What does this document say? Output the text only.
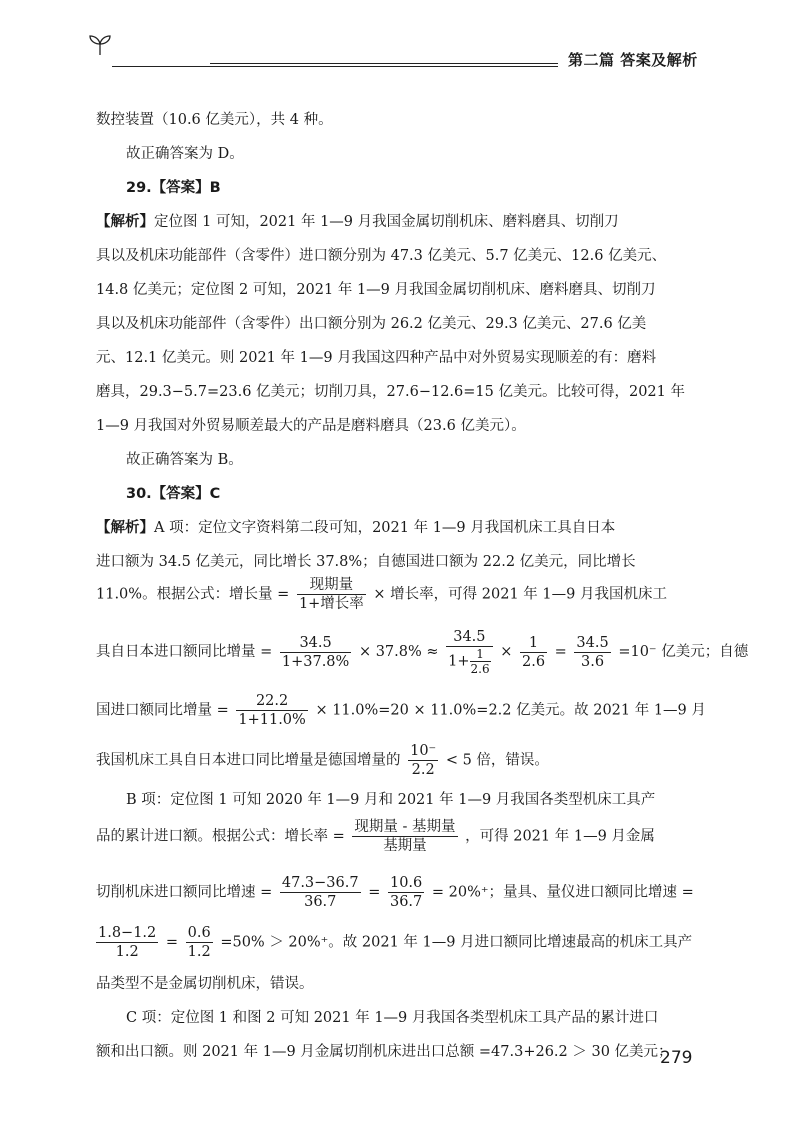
第二篇 答案及解析
数控装置（10.6 亿美元），共 4 种。
故正确答案为 D。
29.【答案】B
【解析】定位图 1 可知，2021 年 1—9 月我国金属切削机床、磨料磨具、切削刀
具以及机床功能部件（含零件）进口额分别为 47.3 亿美元、5.7 亿美元、12.6 亿美元、
14.8 亿美元；定位图 2 可知，2021 年 1—9 月我国金属切削机床、磨料磨具、切削刀
具以及机床功能部件（含零件）出口额分别为 26.2 亿美元、29.3 亿美元、27.6 亿美
元、12.1 亿美元。则 2021 年 1—9 月我国这四种产品中对外贸易实现顺差的有：磨料
磨具，29.3−5.7=23.6 亿美元；切削刀具，27.6−12.6=15 亿美元。比较可得，2021 年
1—9 月我国对外贸易顺差最大的产品是磨料磨具（23.6 亿美元）。
故正确答案为 B。
30.【答案】C
【解析】A 项：定位文字资料第二段可知，2021 年 1—9 月我国机床工具自日本
进口额为 34.5 亿美元，同比增长 37.8%；自德国进口额为 22.2 亿美元，同比增长
11.0%。根据公式：增长量 = $\frac{\text{现期量}}{\text{1+增长率}}$ × 增长率，可得 2021 年 1—9 月我国机床工
具自日本进口额同比增量 = $\frac{34.5}{1+37.8\%} \times 37.8\% \approx \frac{34.5}{1+ \frac{1}{2.6}} \times \frac{1}{2.6} = \frac{34.5}{3.6} =10^-$ 亿美元；自德
国进口额同比增量 = $\frac{22.2}{1+11.0\%} \times 11.0\%=20 \times 11.0\%=2.2$ 亿美元。故 2021 年 1—9 月
我国机床工具自日本进口同比增量是德国增量的 $\frac{10^-}{2.2} < 5$ 倍，错误。
B 项：定位图 1 可知 2020 年 1—9 月和 2021 年 1—9 月我国各类型机床工具产
品的累计进口额。根据公式：增长率 = $\frac{\text{现期量 - 基期量}}{\text{基期量}}$ ，可得 2021 年 1—9 月金属
切削机床进口额同比增速 = $\frac{47.3-36.7}{36.7} = \frac{10.6}{36.7} = 20\%^+$；量具、量仪进口额同比增速 =
$\frac{1.8-1.2}{1.2} = \frac{0.6}{1.2} =50\% > 20\%^+$。故 2021 年 1—9 月进口额同比增速最高的机床工具产
品类型不是金属切削机床，错误。
C 项：定位图 1 和图 2 可知 2021 年 1—9 月我国各类型机床工具产品的累计进口
额和出口额。则 2021 年 1—9 月金属切削机床进出口总额 =47.3+26.2 ＞ 30 亿美元；
279
